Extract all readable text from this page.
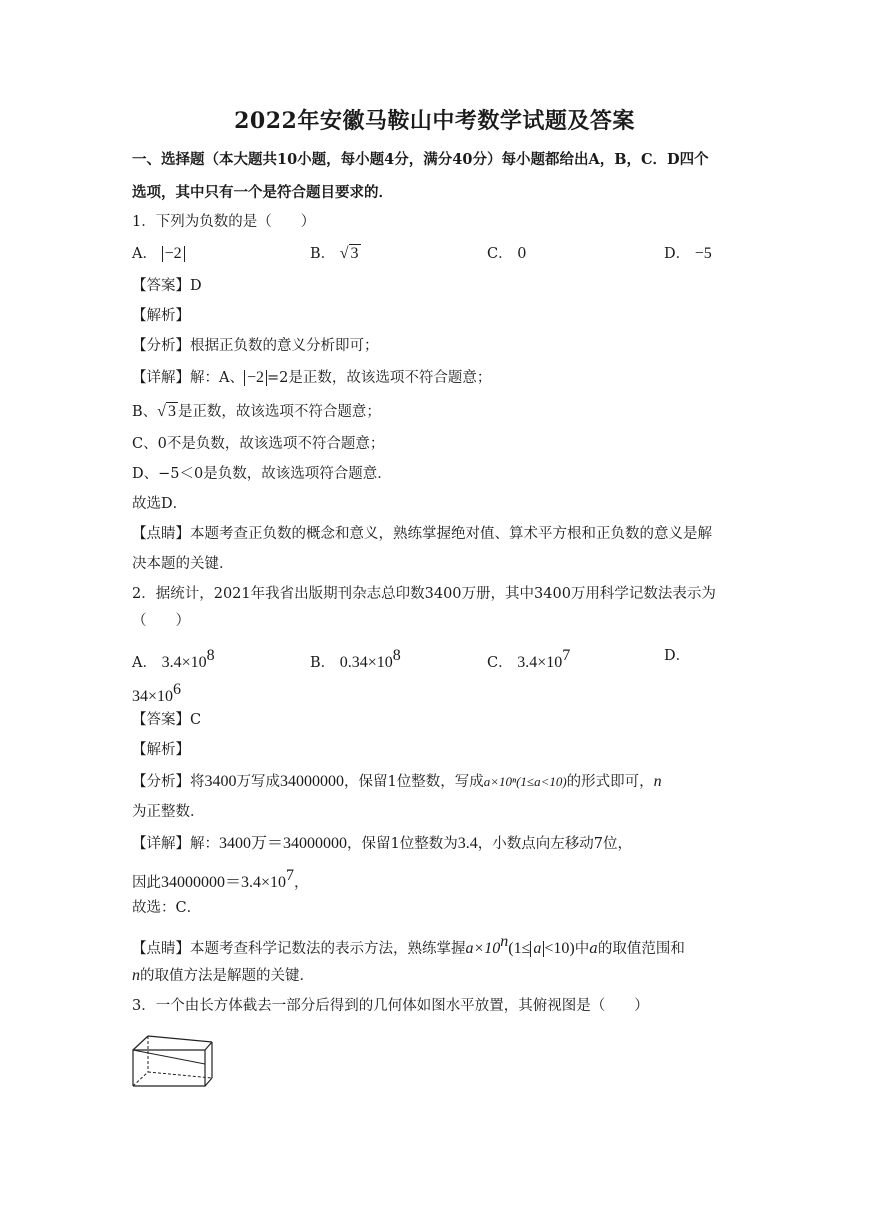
2022年安徽马鞍山中考数学试题及答案
一、选择题（本大题共10小题，每小题4分，满分40分）每小题都给出A，B，C．D四个
选项，其中只有一个是符合题目要求的．
1．下列为负数的是（　　）
A． −2	B． √ 3	C． 0	D． −5
【答案】D
【解析】
【分析】根据正负数的意义分析即可；
【详解】解：A、 −2 =2是正数，故该选项不符合题意；
B、√ 3 是正数，故该选项不符合题意；
C、0不是负数，故该选项不符合题意；
D、−5＜0是负数，故该选项符合题意．
故选D．
【点睛】本题考查正负数的概念和意义，熟练掌握绝对值、算术平方根和正负数的意义是解
决本题的关键．
2．据统计，2021年我省出版期刊杂志总印数3400万册，其中3400万用科学记数法表示为
（　　）
A． $3.4\times 10^8$	B． $0.34\times 10^8$	C． $3.4\times 10^7$	D．
$34\times 10^6$
【答案】C
【解析】
【分析】将3400万写成34000000，保留1位整数，写成a×10ⁿ(1≤a<10)的形式即可，n
为正整数．
【详解】解：3400万＝34000000，保留1位整数为3.4，小数点向左移动7位，
因此$34000000=3.4\times 10^7$，
故选：C．
【点睛】本题考查科学记数法的表示方法，熟练掌握$a\times 10^n(1\le a <10)$中a的取值范围和
n的取值方法是解题的关键．
3．一个由长方体截去一部分后得到的几何体如图水平放置，其俯视图是（　　）
